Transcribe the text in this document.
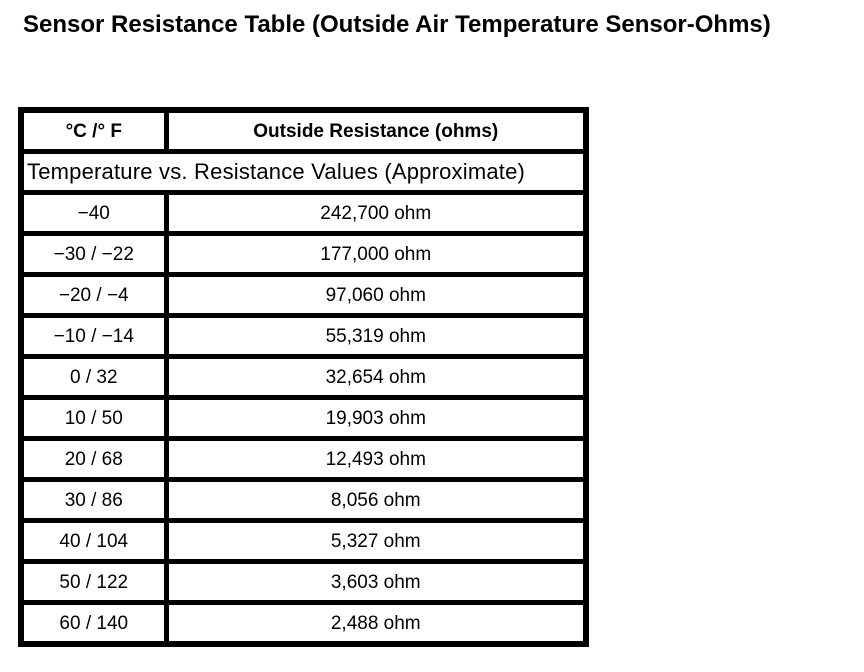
Sensor Resistance Table (Outside Air Temperature Sensor-Ohms)
°C /° F	Outside Resistance (ohms)
Temperature vs. Resistance Values (Approximate)	
−40	242,700 ohm
−30 / −22	177,000 ohm
−20 / −4	97,060 ohm
−10 / −14	55,319 ohm
0 / 32	32,654 ohm
10 / 50	19,903 ohm
20 / 68	12,493 ohm
30 / 86	8,056 ohm
40 / 104	5,327 ohm
50 / 122	3,603 ohm
60 / 140	2,488 ohm
